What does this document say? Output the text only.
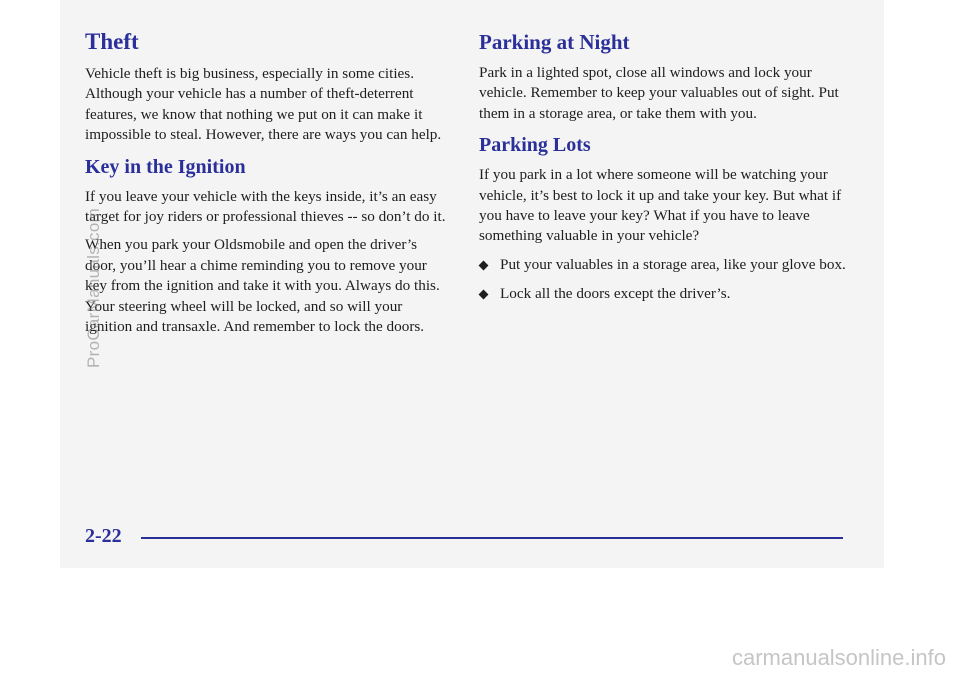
Theft

Vehicle theft is big business, especially in some cities. Although your vehicle has a number of theft-deterrent features, we know that nothing we put on it can make it impossible to steal. However, there are ways you can help.

Key in the Ignition

If you leave your vehicle with the keys inside, it’s an easy target for joy riders or professional thieves -- so don’t do it.

When you park your Oldsmobile and open the driver’s door, you’ll hear a chime reminding you to remove your key from the ignition and take it with you. Always do this. Your steering wheel will be locked, and so will your ignition and transaxle. And remember to lock the doors.

Parking at Night

Park in a lighted spot, close all windows and lock your vehicle. Remember to keep your valuables out of sight. Put them in a storage area, or take them with you.

Parking Lots

If you park in a lot where someone will be watching your vehicle, it’s best to lock it up and take your key. But what if you have to leave your key? What if you have to leave something valuable in your vehicle?

Put your valuables in a storage area, like your glove box.
Lock all the doors except the driver’s.
2-22
ProCarManuals.com
carmanualsonline.info
